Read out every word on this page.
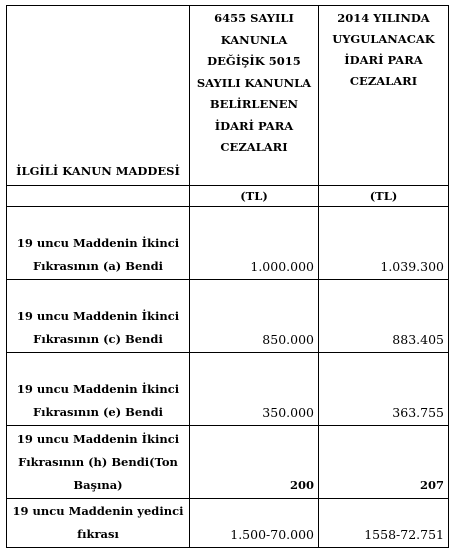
İLGİLİ KANUN MADDESİ	6455 SAYILI KANUNLA DEĞİŞİK 5015 SAYILI KANUNLA BELİRLENEN İDARİ PARA CEZALARI	2014 YILINDA UYGULANACAK İDARİ PARA CEZALARI
	(TL)	(TL)
19 uncu Maddenin İkinci Fıkrasının (a) Bendi	1.000.000	1.039.300
19 uncu Maddenin İkinci Fıkrasının (c) Bendi	850.000	883.405
19 uncu Maddenin İkinci Fıkrasının (e) Bendi	350.000	363.755
19 uncu Maddenin İkinci Fıkrasının (h) Bendi(Ton Başına)	200	207
19 uncu Maddenin yedinci fıkrası	1.500-70.000	1558-72.751
